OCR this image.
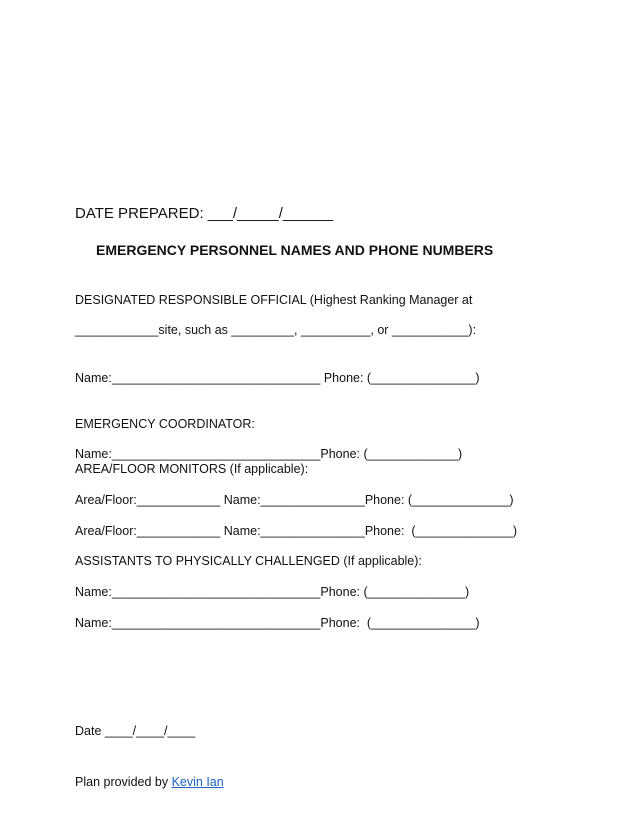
DATE PREPARED: ___/_____/______

EMERGENCY PERSONNEL NAMES AND PHONE NUMBERS

DESIGNATED RESPONSIBLE OFFICIAL (Highest Ranking Manager at

____________site, such as _________, __________, or ___________):

Name:______________________________ Phone: (_______________)

EMERGENCY COORDINATOR:

Name:______________________________Phone: (_____________)

AREA/FLOOR MONITORS (If applicable):

Area/Floor:____________ Name:_______________Phone: (______________)

Area/Floor:____________ Name:_______________Phone:  (______________)

ASSISTANTS TO PHYSICALLY CHALLENGED (If applicable):

Name:______________________________Phone: (______________)

Name:______________________________Phone:  (_______________)

Date ____/____/____

Plan provided by Kevin Ian
